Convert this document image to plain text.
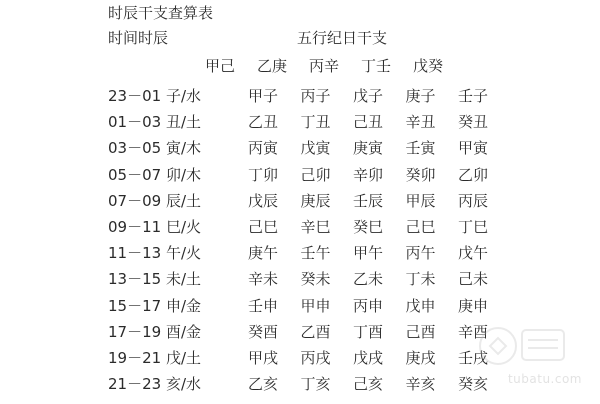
时辰干支查算表
时间时辰	五行纪日干支
甲己	乙庚	丙辛	丁壬	戊癸
23－01 子/水	甲子	丙子	戊子	庚子	壬子
01－03 丑/土	乙丑	丁丑	己丑	辛丑	癸丑
03－05 寅/木	丙寅	戊寅	庚寅	壬寅	甲寅
05－07 卯/木	丁卯	己卯	辛卯	癸卯	乙卯
07－09 辰/土	戊辰	庚辰	壬辰	甲辰	丙辰
09－11 巳/火	己巳	辛巳	癸巳	己巳	丁巳
11－13 午/火	庚午	壬午	甲午	丙午	戊午
13－15 未/土	辛未	癸未	乙未	丁未	己未
15－17 申/金	壬申	甲申	丙申	戊申	庚申
17－19 酉/金	癸酉	乙酉	丁酉	己酉	辛酉
19－21 戊/土	甲戌	丙戌	戊戌	庚戌	壬戌
21－23 亥/水	乙亥	丁亥	己亥	辛亥	癸亥	tubatu.com
